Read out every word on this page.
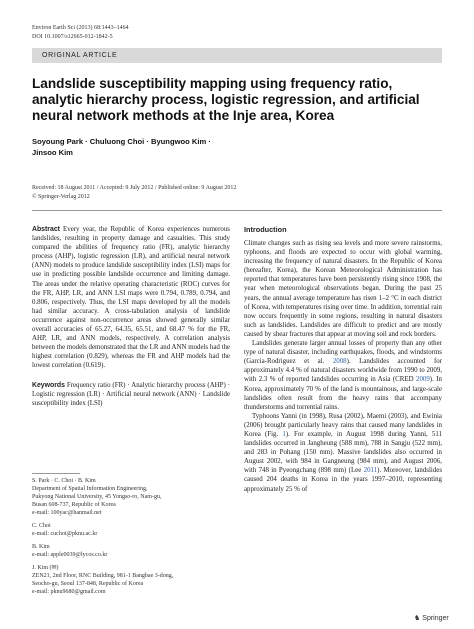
Environ Earth Sci (2013) 68:1443–1464
DOI 10.1007/s12665-012-1842-5
ORIGINAL ARTICLE
Landslide susceptibility mapping using frequency ratio, analytic hierarchy process, logistic regression, and artificial neural network methods at the Inje area, Korea
Soyoung Park · Chuluong Choi · Byungwoo Kim ·
Jinsoo Kim
Received: 18 August 2011 / Accepted: 9 July 2012 / Published online: 9 August 2012
© Springer-Verlag 2012
Abstract Every year, the Republic of Korea experiences numerous landslides, resulting in property damage and casualties. This study compared the abilities of frequency ratio (FR), analytic hierarchy process (AHP), logistic regression (LR), and artificial neural network (ANN) models to produce landslide susceptibility index (LSI) maps for use in predicting possible landslide occurrence and limiting damage. The areas under the relative operating characteristic (ROC) curves for the FR, AHP, LR, and ANN LSI maps were 0.794, 0.789, 0.794, and 0.806, respectively. Thus, the LSI maps developed by all the models had similar accuracy. A cross-tabulation analysis of landslide occurrence against non-occurrence areas showed generally similar overall accuracies of 65.27, 64.35, 65.51, and 68.47 % for the FR, AHP, LR, and ANN models, respectively. A correlation analysis between the models demonstrated that the LR and ANN models had the highest correlation (0.829), whereas the FR and AHP models had the lowest correlation (0.619).
Keywords Frequency ratio (FR) · Analytic hierarchy process (AHP) · Logistic regression (LR) · Artificial neural network (ANN) · Landslide susceptibility index (LSI)
S. Park · C. Choi · B. Kim
Department of Spatial Information Engineering,
Pukyong National University, 45 Yongso-ro, Nam-gu,
Busan 608-737, Republic of Korea
e-mail: 100yac@hanmail.net
C. Choi
e-mail: cuchoi@pknu.ac.kr
B. Kim
e-mail: apple0039@lycos.co.kr
J. Kim (✉)
ZEN21, 2nd Floor, RNC Building, 981-1 Bangbae 3-dong,
Seocho-gu, Seoul 137-848, Republic of Korea
e-mail: pknu9680@gmail.com
Introduction
Climate changes such as rising sea levels and more severe rainstorms, typhoons, and floods are expected to occur with global warming, increasing the frequency of natural disasters. In the Republic of Korea (hereafter, Korea), the Korean Meteorological Administration has reported that temperatures have been persistently rising since 1908, the year when meteorological observations began. During the past 25 years, the annual average temperature has risen 1–2 °C in each district of Korea, with temperatures rising over time. In addition, torrential rain now occurs frequently in some regions, resulting in natural disasters such as landslides. Landslides are difficult to predict and are mostly caused by shear fractures that appear at moving soil and rock borders.
Landslides generate larger annual losses of property than any other type of natural disaster, including earthquakes, floods, and windstorms (Garcia-Rodriguez et al. 2008). Landslides accounted for approximately 4.4 % of natural disasters worldwide from 1990 to 2009, with 2.3 % of reported landslides occurring in Asia (CRED 2009). In Korea, approximately 70 % of the land is mountainous, and large-scale landslides often result from the heavy rains that accompany thunderstorms and torrential rains.
Typhoons Yanni (in 1998), Rusa (2002), Maemi (2003), and Ewinia (2006) brought particularly heavy rains that caused many landslides in Korea (Fig. 1). For example, in August 1998 during Yanni, 511 landslides occurred in Jangheung (588 mm), 788 in Sangju (522 mm), and 283 in Pohang (150 mm). Massive landslides also occurred in August 2002, with 984 in Gangneung (984 mm), and August 2006, with 748 in Pyeongchang (898 mm) (Lee 2011). Moreover, landslides caused 204 deaths in Korea in the years 1997–2010, representing approximately 25 % of
♞ Springer
